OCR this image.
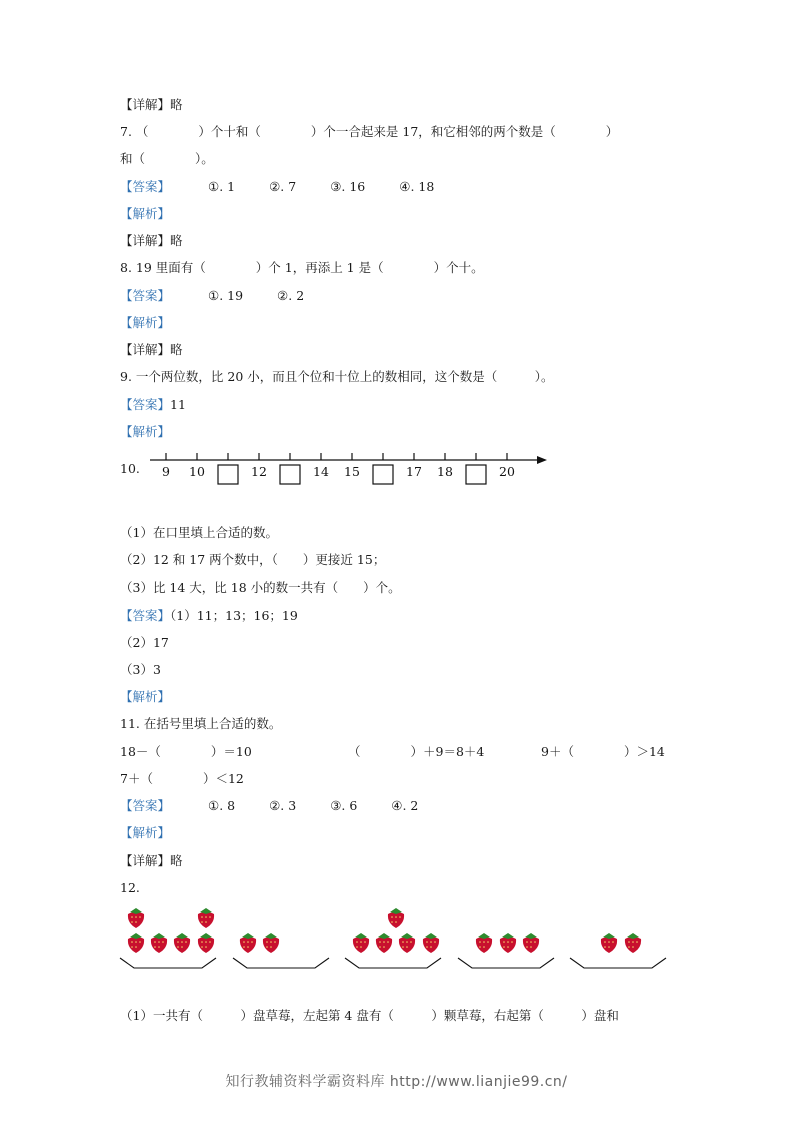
【详解】略
7. （　　　　）个十和（　　　　）个一合起来是 17，和它相邻的两个数是（　　　　）
和（　　　　）。
【答案】	①. 1	②. 7	③. 16	④. 18
【解析】
【详解】略
8. 19 里面有（　　　　）个 1，再添上 1 是（　　　　）个十。
【答案】	①. 19	②. 2
【解析】
【详解】略
9. 一个两位数，比 20 小，而且个位和十位上的数相同，这个数是（　　　）。
【答案】11
【解析】
10. 9 10	12	14 15	17 18	20
（1）在口里填上合适的数。
（2）12 和 17 两个数中，（　　）更接近 15；
（3）比 14 大，比 18 小的数一共有（　　）个。
【答案】（1）11；13；16；19
（2）17
（3）3
【解析】
11. 在括号里填上合适的数。
18－（　　　　）＝10	（　　　　）＋9＝8＋4	9＋（　　　　）＞14
7＋（　　　　）＜12
【答案】	①. 8	②. 3	③. 6	④. 2
【解析】
【详解】略
12.
（1）一共有（　　　）盘草莓，左起第 4 盘有（　　　）颗草莓，右起第（　　　）盘和
知行教辅资料学霸资料库 http://www.lianjie99.cn/
